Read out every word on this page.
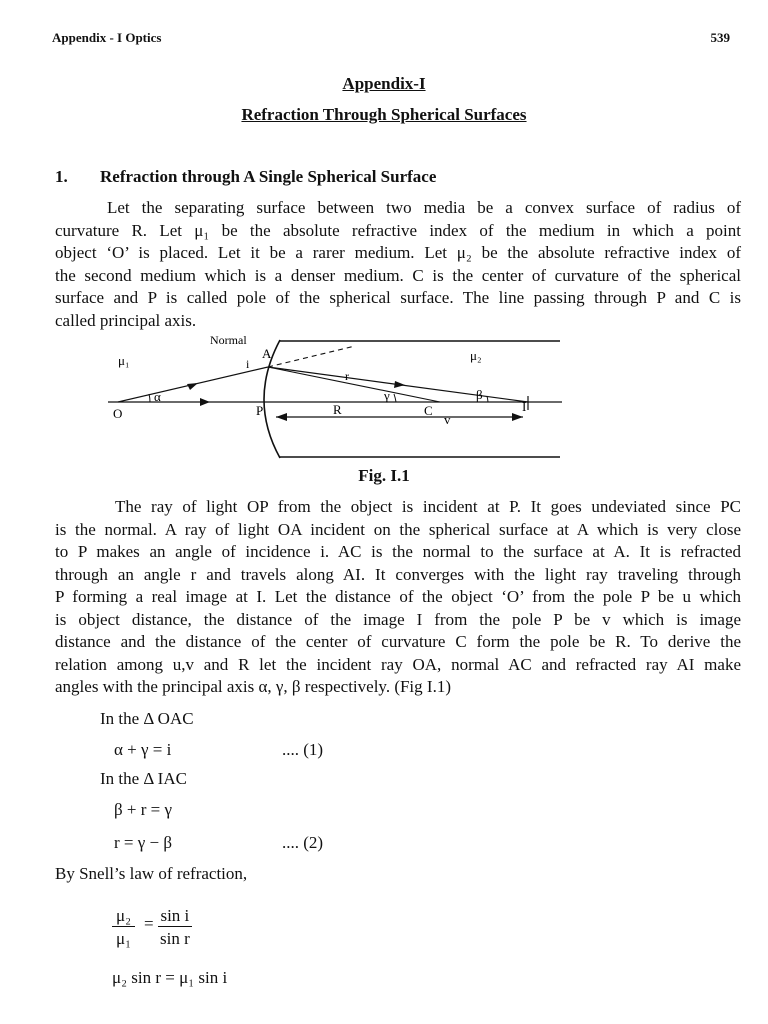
Appendix - I Optics	539
Appendix-I
Refraction Through Spherical Surfaces
1. Refraction through A Single Spherical Surface
Let the separating surface between two media be a convex surface of radius of
curvature R. Let μ₁ be the absolute refractive index of the medium in which a point
object ‘O’ is placed. Let it be a rarer medium. Let μ₂ be the absolute refractive index of
the second medium which is a denser medium. C is the center of curvature of the spherical
surface and P is called pole of the spherical surface. The line passing through P and C is
called principal axis.
Normal
μ₁	μ₂
A
O	P	R	C
v
I
α
i
r
γ	β
Fig. I.1
The ray of light OP from the object is incident at P. It goes undeviated since PC
is the normal. A ray of light OA incident on the spherical surface at A which is very close
to P makes an angle of incidence i. AC is the normal to the surface at A. It is refracted
through an angle r and travels along AI. It converges with the light ray traveling through
P forming a real image at I. Let the distance of the object ‘O’ from the pole P be u which
is object distance, the distance of the image I from the pole P be v which is image
distance and the distance of the center of curvature C form the pole be R. To derive the
relation among u,v and R let the incident ray OA, normal AC and refracted ray AI make
angles with the principal axis α, γ, β respectively. (Fig I.1)
In the Δ OAC
α + γ = i	.... (1)
In the Δ IAC
β + r = γ
r = γ − β	.... (2)
By Snell’s law of refraction,
$\frac{\text{μ₂}}{\text{μ₁}} = \frac{\text{sin i}}{\text{sin r}}$
μ₂ sin r = μ₁ sin i
